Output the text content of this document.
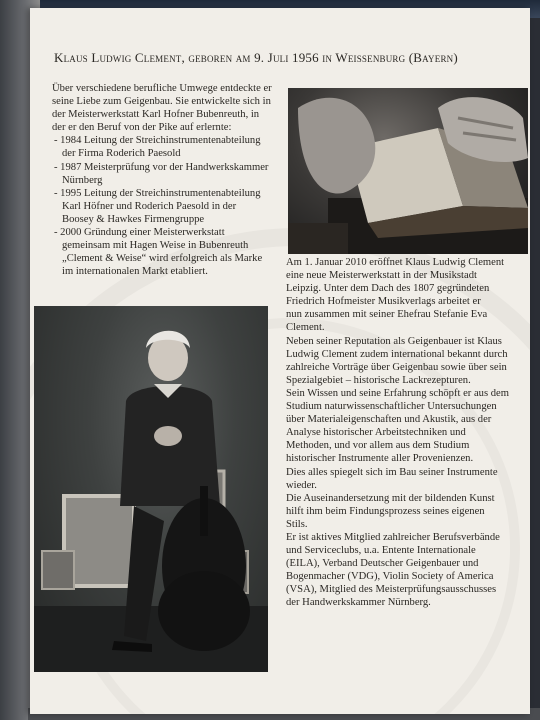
Klaus Ludwig Clement, geboren am 9. Juli 1956 in Weissenburg (Bayern)

Über verschiedene berufliche Umwege entdeckte er
seine Liebe zum Geigenbau. Sie entwickelte sich in
der Meisterwerkstatt Karl Hofner Bubenreuth, in
der er den Beruf von der Pike auf erlernte:

- 1984 Leitung der Streichinstrumentenabteilung
der Firma Roderich Paesold
- 1987 Meisterprüfung vor der Handwerkskammer
Nürnberg
- 1995 Leitung der Streichinstrumentenabteilung
Karl Höfner und Roderich Paesold in der
Boosey & Hawkes Firmengruppe
- 2000 Gründung einer Meisterwerkstatt
gemeinsam mit Hagen Weise in Bubenreuth
„Clement & Weise“ wird erfolgreich als Marke
im internationalen Markt etabliert.

Am 1. Januar 2010 eröffnet Klaus Ludwig Clement
eine neue Meisterwerkstatt in der Musikstadt
Leipzig. Unter dem Dach des 1807 gegründeten
Friedrich Hofmeister Musikverlags arbeitet er
nun zusammen mit seiner Ehefrau Stefanie Eva
Clement.

Neben seiner Reputation als Geigenbauer ist Klaus
Ludwig Clement zudem international bekannt durch
zahlreiche Vorträge über Geigenbau sowie über sein
Spezialgebiet – historische Lackrezepturen.

Sein Wissen und seine Erfahrung schöpft er aus dem
Studium naturwissenschaftlicher Untersuchungen
über Materialeigenschaften und Akustik, aus der
Analyse historischer Arbeitstechniken und
Methoden, und vor allem aus dem Studium
historischer Instrumente aller Provenienzen.
Dies alles spiegelt sich im Bau seiner Instrumente
wieder.

Die Auseinandersetzung mit der bildenden Kunst
hilft ihm beim Findungsprozess seines eigenen
Stils.

Er ist aktives Mitglied zahlreicher Berufsverbände
und Serviceclubs, u.a. Entente Internationale
(EILA), Verband Deutscher Geigenbauer und
Bogenmacher (VDG), Violin Society of America
(VSA), Mitglied des Meisterprüfungsausschusses
der Handwerkskammer Nürnberg.
